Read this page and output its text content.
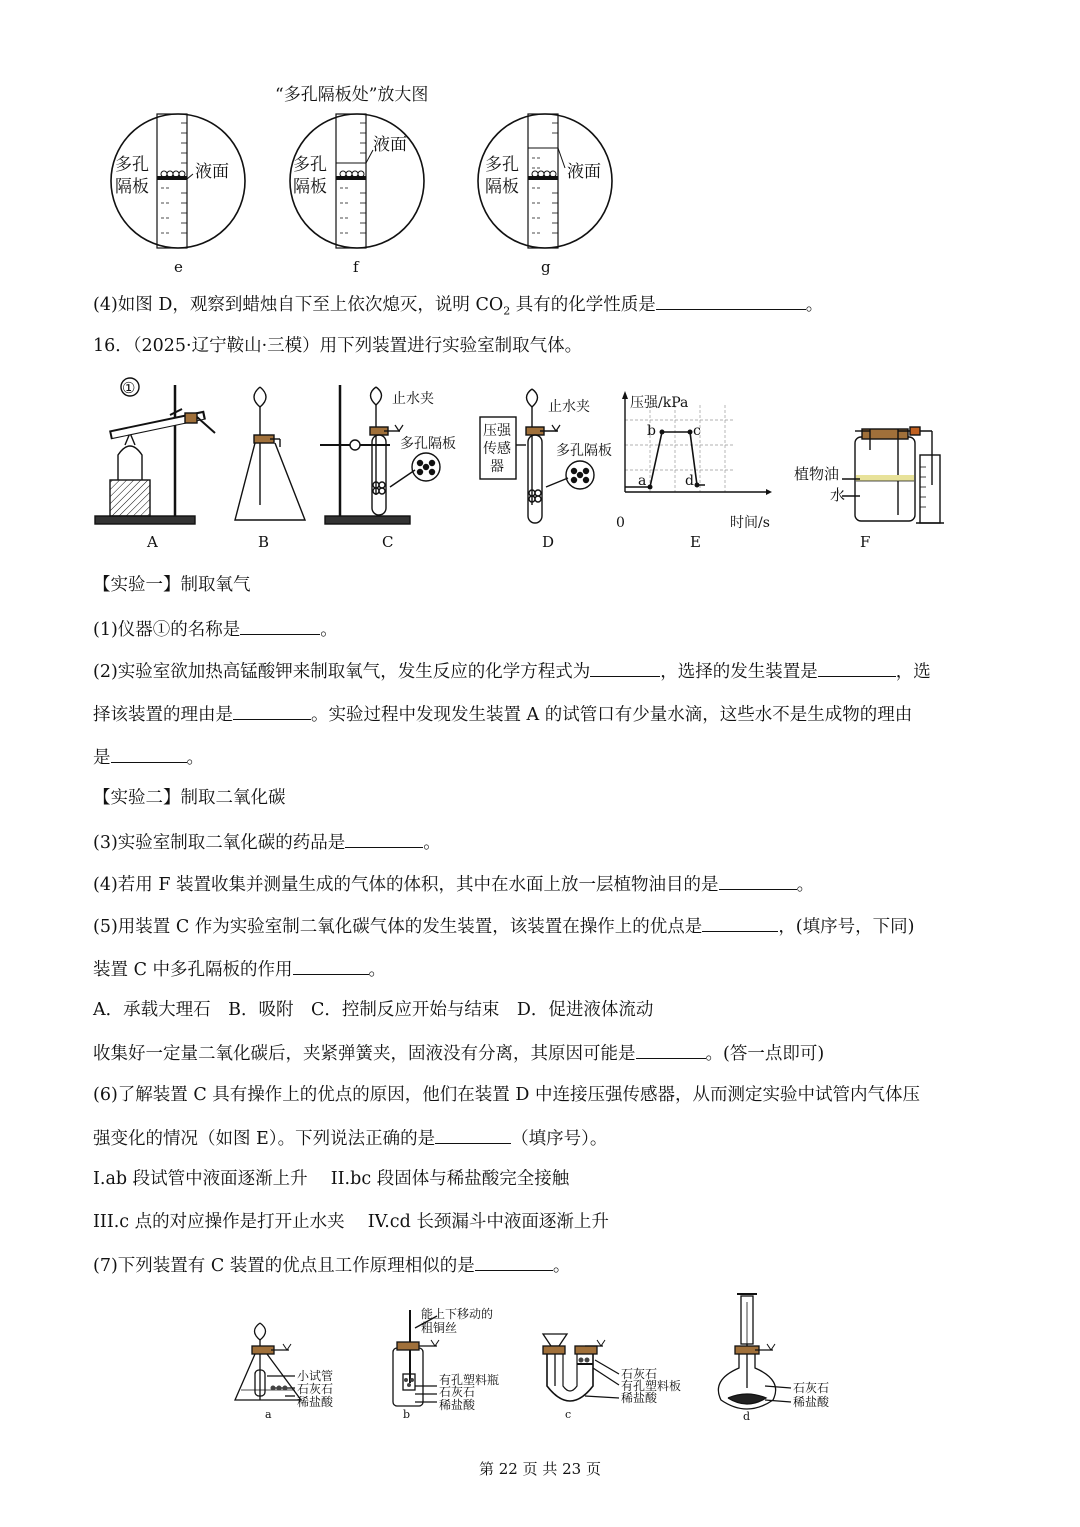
“多孔隔板处”放大图
多孔
隔板
液面
e
多孔
隔板
液面
f
多孔
隔板
液面
g
(4)如图 D，观察到蜡烛自下至上依次熄灭，说明 $CO_2$ 具有的化学性质是	。
16．（2025·辽宁鞍山·三模）用下列装置进行实验室制取气体。
①
A	B
止水夹
多孔隔板
C
压强
传感
器
止水夹
多孔隔板
D
压强/kPa
时间/s
0
a
b	c
d
E
植物油
水
F
【实验一】制取氧气
(1)仪器①的名称是	。
(2)实验室欲加热高锰酸钾来制取氧气，发生反应的化学方程式为	，选择的发生装置是	，选
择该装置的理由是	。实验过程中发现发生装置 A 的试管口有少量水滴，这些水不是生成物的理由
是	。
【实验二】制取二氧化碳
(3)实验室制取二氧化碳的药品是	。
(4)若用 F 装置收集并测量生成的气体的体积，其中在水面上放一层植物油目的是	。
(5)用装置 C 作为实验室制二氧化碳气体的发生装置，该装置在操作上的优点是	，(填序号，下同)
装置 C 中多孔隔板的作用	。
A．承载大理石　B．吸附　C．控制反应开始与结束　D．促进液体流动
收集好一定量二氧化碳后，夹紧弹簧夹，固液没有分离，其原因可能是	。(答一点即可)
(6)了解装置 C 具有操作上的优点的原因，他们在装置 D 中连接压强传感器，从而测定实验中试管内气体压
强变化的情况（如图 E）。下列说法正确的是	（填序号）。
I.ab 段试管中液面逐渐上升　 II.bc 段固体与稀盐酸完全接触
III.c 点的对应操作是打开止水夹　 IV.cd 长颈漏斗中液面逐渐上升
(7)下列装置有 C 装置的优点且工作原理相似的是	。
小试管
石灰石
稀盐酸
a
能上下移动的
粗铜丝
有孔塑料瓶
石灰石
稀盐酸
b
石灰石
有孔塑料板
稀盐酸
c
石灰石
稀盐酸
d
第 22 页 共 23 页
